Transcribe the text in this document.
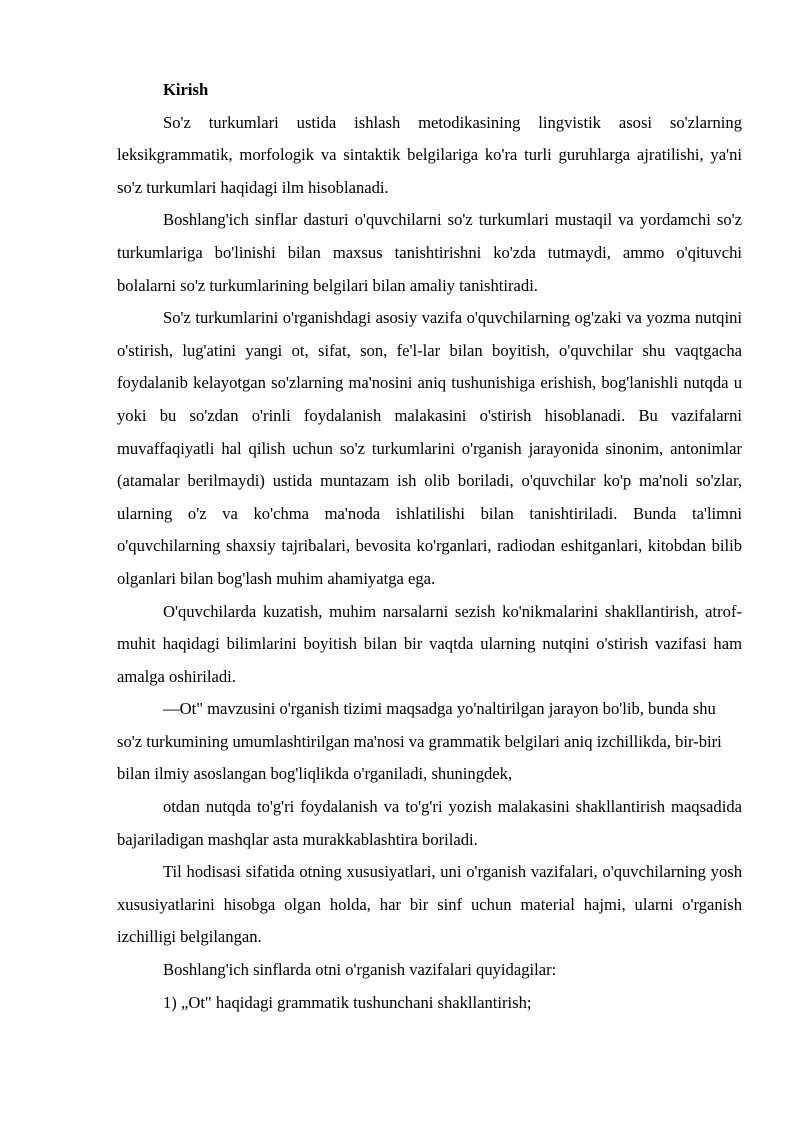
Kirish

So'z turkumlari ustida ishlash metodikasining lingvistik asosi so'zlarning leksikgrammatik, morfologik va sintaktik belgilariga ko'ra turli guruhlarga ajratilishi, ya'ni so'z turkumlari haqidagi ilm hisoblanadi.

Boshlang'ich sinflar dasturi o'quvchilarni so'z turkumlari mustaqil va yordamchi so'z turkumlariga bo'linishi bilan maxsus tanishtirishni ko'zda tutmaydi, ammo o'qituvchi bolalarni so'z turkumlarining belgilari bilan amaliy tanishtiradi.

So'z turkumlarini o'rganishdagi asosiy vazifa o'quvchilarning og'zaki va yozma nutqini o'stirish, lug'atini yangi ot, sifat, son, fe'l-lar bilan boyitish, o'quvchilar shu vaqtgacha foydalanib kelayotgan so'zlarning ma'nosini aniq tushunishiga erishish, bog'lanishli nutqda u yoki bu so'zdan o'rinli foydalanish malakasini o'stirish hisoblanadi. Bu vazifalarni muvaffaqiyatli hal qilish uchun so'z turkumlarini o'rganish jarayonida sinonim, antonimlar (atamalar berilmaydi) ustida muntazam ish olib boriladi, o'quvchilar ko'p ma'noli so'zlar, ularning o'z va ko'chma ma'noda ishlatilishi bilan tanishtiriladi. Bunda ta'limni o'quvchilarning shaxsiy tajribalari, bevosita ko'rganlari, radiodan eshitganlari, kitobdan bilib olganlari bilan bog'lash muhim ahamiyatga ega.

O'quvchilarda kuzatish, muhim narsalarni sezish ko'nikmalarini shakllantirish, atrof-muhit haqidagi bilimlarini boyitish bilan bir vaqtda ularning nutqini o'stirish vazifasi ham amalga oshiriladi.

—Ot" mavzusini o'rganish tizimi maqsadga yo'naltirilgan jarayon bo'lib, bunda shu so'z turkumining umumlashtirilgan ma'nosi va grammatik belgilari aniq izchillikda, bir-biri bilan ilmiy asoslangan bog'liqlikda o'rganiladi, shuningdek,

otdan nutqda to'g'ri foydalanish va to'g'ri yozish malakasini shakllantirish maqsadida bajariladigan mashqlar asta murakkablashtira boriladi.

Til hodisasi sifatida otning xususiyatlari, uni o'rganish vazifalari, o'quvchilarning yosh xususiyatlarini hisobga olgan holda, har bir sinf uchun material hajmi, ularni o'rganish izchilligi belgilangan.

Boshlang'ich sinflarda otni o'rganish vazifalari quyidagilar:

1) „Ot" haqidagi grammatik tushunchani shakllantirish;
